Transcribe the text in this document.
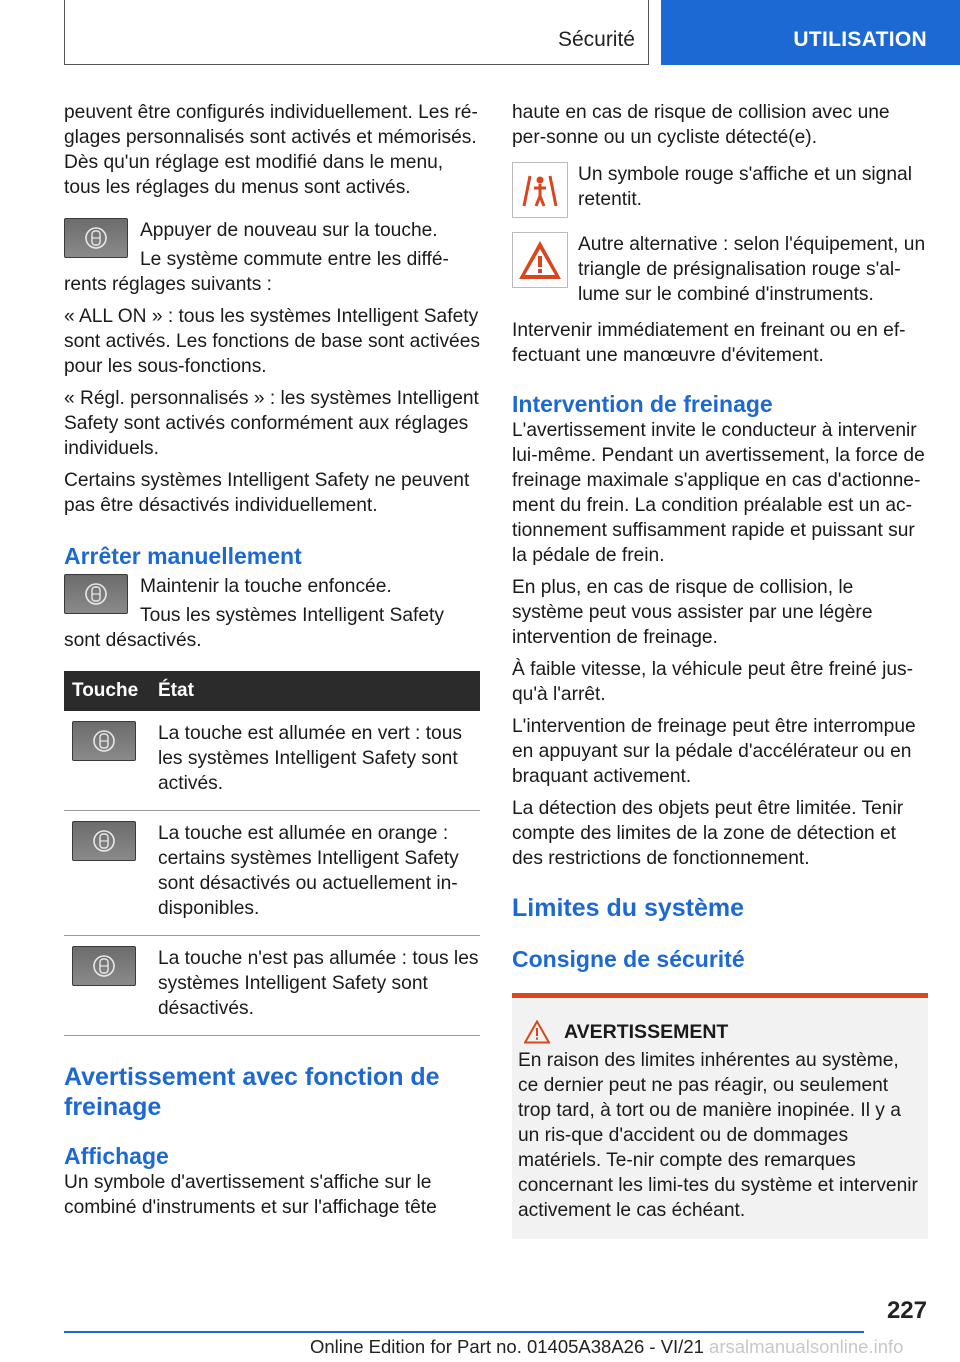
Sécurité	UTILISATION

peuvent être configurés individuellement. Les ré-glages personnalisés sont activés et mémorisés. Dès qu'un réglage est modifié dans le menu, tous les réglages du menus sont activés.

Appuyer de nouveau sur la touche.

Le système commute entre les diffé-rents réglages suivants :

« ALL ON » : tous les systèmes Intelligent Safety sont activés. Les fonctions de base sont activées pour les sous-fonctions.

« Régl. personnalisés » : les systèmes Intelligent Safety sont activés conformément aux réglages individuels.

Certains systèmes Intelligent Safety ne peuvent pas être désactivés individuellement.

Arrêter manuellement

Maintenir la touche enfoncée.

Tous les systèmes Intelligent Safety sont désactivés.

Touche	État

	La touche est allumée en vert : tous les systèmes Intelligent Safety sont activés.

	La touche est allumée en orange : certains systèmes Intelligent Safety sont désactivés ou actuellement in-disponibles.

	La touche n'est pas allumée : tous les systèmes Intelligent Safety sont désactivés.
Avertissement avec fonction de freinage
Affichage

Un symbole d'avertissement s'affiche sur le combiné d'instruments et sur l'affichage tête

haute en cas de risque de collision avec une per-sonne ou un cycliste détecté(e).

Un symbole rouge s'affiche et un signal retentit.

Autre alternative : selon l'équipement, un triangle de présignalisation rouge s'al-lume sur le combiné d'instruments.

Intervenir immédiatement en freinant ou en ef-fectuant une manœuvre d'évitement.

Intervention de freinage

L'avertissement invite le conducteur à intervenir lui-même. Pendant un avertissement, la force de freinage maximale s'applique en cas d'actionne-ment du frein. La condition préalable est un ac-tionnement suffisamment rapide et puissant sur la pédale de frein.

En plus, en cas de risque de collision, le système peut vous assister par une légère intervention de freinage.

À faible vitesse, la véhicule peut être freiné jus-qu'à l'arrêt.

L'intervention de freinage peut être interrompue en appuyant sur la pédale d'accélérateur ou en braquant activement.

La détection des objets peut être limitée. Tenir compte des limites de la zone de détection et des restrictions de fonctionnement.

Limites du système
Consigne de sécurité
AVERTISSEMENT

En raison des limites inhérentes au système, ce dernier peut ne pas réagir, ou seulement trop tard, à tort ou de manière inopinée. Il y a un ris-que d'accident ou de dommages matériels. Te-nir compte des remarques concernant les limi-tes du système et intervenir activement le cas échéant.

227
Online Edition for Part no. 01405A38A26 - VI/21 arsalmanualsonline.info
